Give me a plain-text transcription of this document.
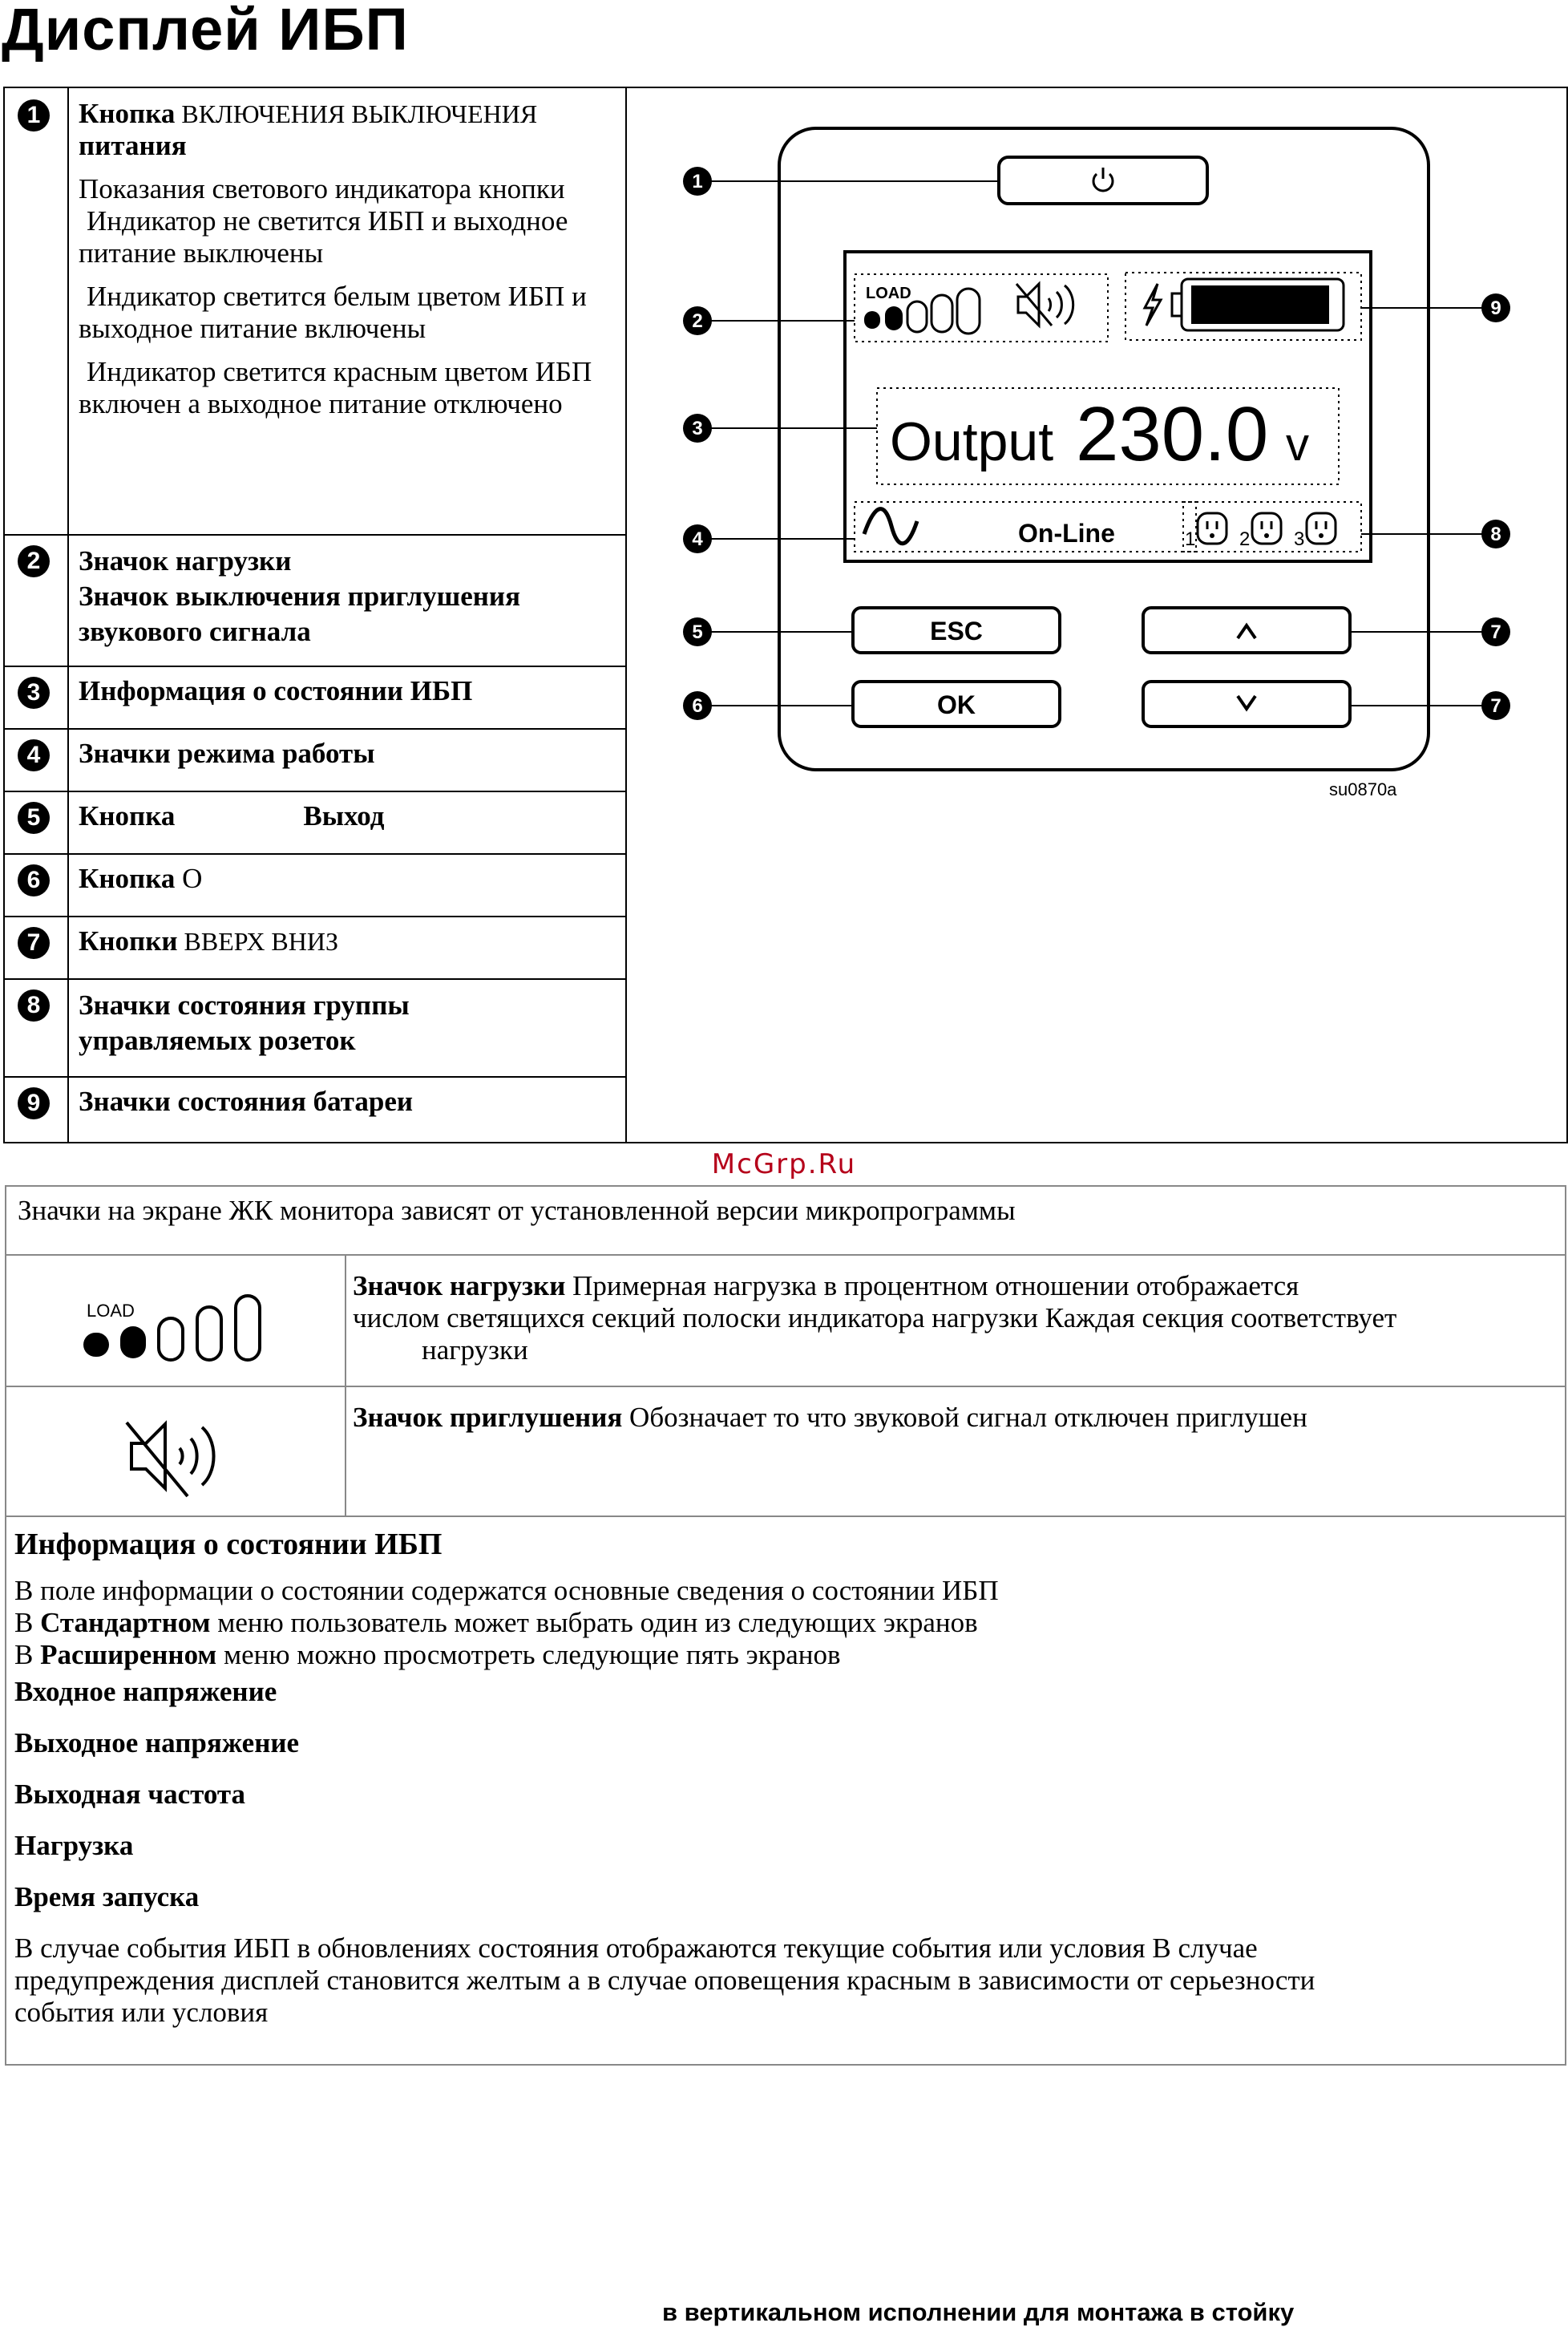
Дисплей ИБП
1	Кнопка ВКЛЮЧЕНИЯ ВЫКЛЮЧЕНИЯ
питания
Показания светового индикатора кнопки
Индикатор не светится ИБП и выходное питание выключены
Индикатор светится белым цветом ИБП и выходное питание включены
Индикатор светится красным цветом ИБП включен а выходное питание отключено
2	Значок нагрузки
Значок выключения приглушения звукового сигнала
3	Информация о состоянии ИБП
4	Значки режима работы
5	Кнопка	Выход
6	Кнопка О
7	Кнопки ВВЕРХ ВНИЗ
8	Значки состояния группы
управляемых розеток
9	Значки состояния батареи
LOAD
Output 230.0 v
On-Line	1 2 3
ESC
OK
su0870a
1
2
3
4
5
6
7
7
8
9
McGrp.Ru
Значки на экране ЖК монитора зависят от установленной версии микропрограммы
LOAD
Значок нагрузки Примерная нагрузка в процентном отношении отображается
числом светящихся секций полоски индикатора нагрузки Каждая секция соответствует
нагрузки
Значок приглушения Обозначает то что звуковой сигнал отключен приглушен
Информация о состоянии ИБП
В поле информации о состоянии содержатся основные сведения о состоянии ИБП
В Стандартном меню пользователь может выбрать один из следующих экранов
В Расширенном меню можно просмотреть следующие пять экранов
Входное напряжение
Выходное напряжение
Выходная частота
Нагрузка
Время запуска
В случае события ИБП в обновлениях состояния отображаются текущие события или условия В случае
предупреждения дисплей становится желтым а в случае оповещения красным в зависимости от серьезности
события или условия
в вертикальном исполнении для монтажа в стойку
